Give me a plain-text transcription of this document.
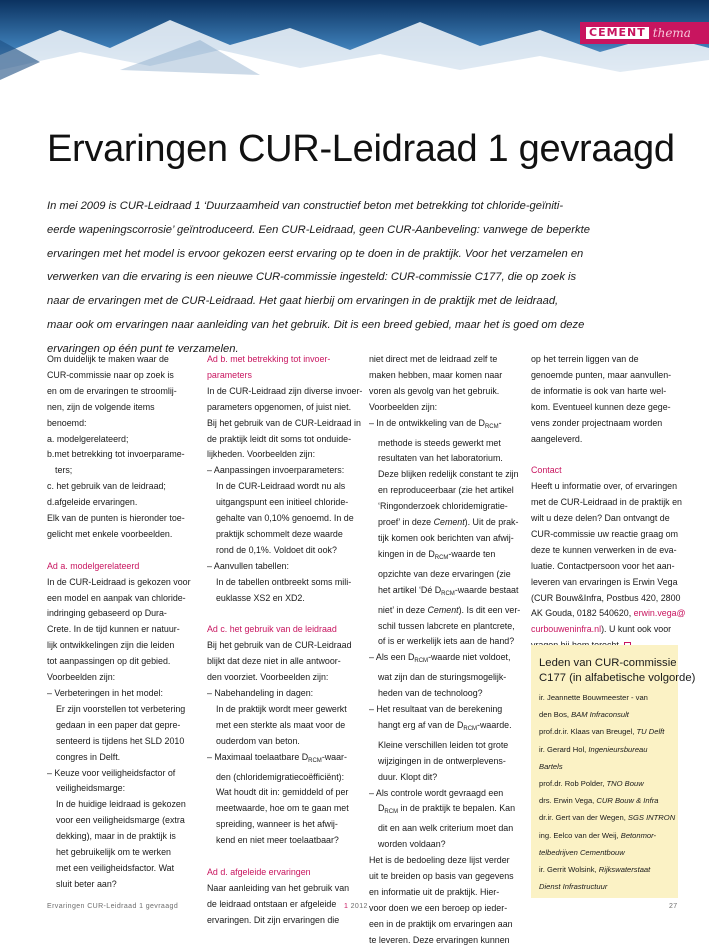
CEMENT thema
Ervaringen CUR-Leidraad 1 gevraagd
In mei 2009 is CUR-Leidraad 1 ‘Duurzaamheid van constructief beton met betrekking tot chloride-geïniti-
eerde wapeningscorrosie’ geïntroduceerd. Een CUR-Leidraad, geen CUR-Aanbeveling: vanwege de beperkte
ervaringen met het model is ervoor gekozen eerst ervaring op te doen in de praktijk. Voor het verzamelen en
verwerken van die ervaring is een nieuwe CUR-commissie ingesteld: CUR-commissie C177, die op zoek is
naar de ervaringen met de CUR-Leidraad. Het gaat hierbij om ervaringen in de praktijk met de leidraad,
maar ook om ervaringen naar aanleiding van het gebruik. Dit is een breed gebied, maar het is goed om deze
ervaringen op één punt te verzamelen.
Om duidelijk te maken waar de
CUR-commissie naar op zoek is
en om de ervaringen te stroomlij-
nen, zijn de volgende items
benoemd:
a. modelgerelateerd;
b.met betrekking tot invoerparame-
ters;
c. het gebruik van de leidraad;
d.afgeleide ervaringen.
Elk van de punten is hieronder toe-
gelicht met enkele voorbeelden.
Ad a. modelgerelateerd
In de CUR-Leidraad is gekozen voor
een model en aanpak van chloride-
indringing gebaseerd op Dura-
Crete. In de tijd kunnen er natuur-
lijk ontwikkelingen zijn die leiden
tot aanpassingen op dit gebied.
Voorbeelden zijn:
– Verbeteringen in het model:
Er zijn voorstellen tot verbetering
gedaan in een paper dat gepre-
senteerd is tijdens het SLD 2010
congres in Delft.
– Keuze voor veiligheidsfactor of
veiligheidsmarge:
In de huidige leidraad is gekozen
voor een veiligheidsmarge (extra
dekking), maar in de praktijk is
het gebruikelijk om te werken
met een veiligheidsfactor. Wat
sluit beter aan?
Ad b. met betrekking tot invoer-
parameters
In de CUR-Leidraad zijn diverse invoer-
parameters opgenomen, of juist niet.
Bij het gebruik van de CUR-Leidraad in
de praktijk leidt dit soms tot onduide-
lijkheden. Voorbeelden zijn:
– Aanpassingen invoerparameters:
In de CUR-Leidraad wordt nu als
uitgangspunt een initieel chloride-
gehalte van 0,10% genoemd. In de
praktijk schommelt deze waarde
rond de 0,1%. Voldoet dit ook?
– Aanvullen tabellen:
In de tabellen ontbreekt soms mili-
euklasse XS2 en XD2.
Ad c. het gebruik van de leidraad
Bij het gebruik van de CUR-Leidraad
blijkt dat deze niet in alle antwoor-
den voorziet. Voorbeelden zijn:
– Nabehandeling in dagen:
In de praktijk wordt meer gewerkt
met een sterkte als maat voor de
ouderdom van beton.
– Maximaal toelaatbare $D_{RCM}-waar-$
den (chloridemigratiecoëfficiënt):
Wat houdt dit in: gemiddeld of per
meetwaarde, hoe om te gaan met
spreiding, wanneer is het afwij-
kend en niet meer toelaatbaar?
Ad d. afgeleide ervaringen
Naar aanleiding van het gebruik van
de leidraad ontstaan er afgeleide
ervaringen. Dit zijn ervaringen die
niet direct met de leidraad zelf te
maken hebben, maar komen naar
voren als gevolg van het gebruik.
Voorbeelden zijn:
– In de ontwikkeling van de $D_{RCM}-$
methode is steeds gewerkt met
resultaten van het laboratorium.
Deze blijken redelijk constant te zijn
en reproduceerbaar (zie het artikel
‘Ringonderzoek chloridemigratie-
proef’ in deze Cement). Uit de prak-
tijk komen ook berichten van afwij-
kingen in de $D_{RCM}$-waarde ten
opzichte van deze ervaringen (zie
het artikel ‘Dé $D_{RCM}$-waarde bestaat
niet’ in deze Cement). Is dit een ver-
schil tussen labcrete en plantcrete,
of is er werkelijk iets aan de hand?
– Als een $D_{RCM}$-waarde niet voldoet,
wat zijn dan de sturingsmogelijk-
heden van de technoloog?
– Het resultaat van de berekening
hangt erg af van de $D_{RCM}$-waarde.
Kleine verschillen leiden tot grote
wijzigingen in de ontwerplevens-
duur. Klopt dit?
– Als controle wordt gevraagd een
$D_{RCM}$ in de praktijk te bepalen. Kan
dit en aan welk criterium moet dan
worden voldaan?
Het is de bedoeling deze lijst verder
uit te breiden op basis van gegevens
en informatie uit de praktijk. Hier-
voor doen we een beroep op ieder-
een in de praktijk om ervaringen aan
te leveren. Deze ervaringen kunnen
op het terrein liggen van de
genoemde punten, maar aanvullen-
de informatie is ook van harte wel-
kom. Eventueel kunnen deze gege-
vens zonder projectnaam worden
aangeleverd.
Contact
Heeft u informatie over, of ervaringen
met de CUR-Leidraad in de praktijk en
wilt u deze delen? Dan ontvangt de
CUR-commissie uw reactie graag om
deze te kunnen verwerken in de eva-
luatie. Contactpersoon voor het aan-
leveren van ervaringen is Erwin Vega
(CUR Bouw&Infra, Postbus 420, 2800
AK Gouda, 0182 540620, erwin.vega@
curbouweninfra.nl). U kunt ook voor
Leden van CUR-commissie
C177 (in alfabetische volgorde)
ir. Jeannette Bouwmeester - van
den Bos, BAM Infraconsult
prof.dr.ir. Klaas van Breugel, TU Delft
ir. Gerard Hol, Ingenieursbureau
Bartels
prof.dr. Rob Polder, TNO Bouw
drs. Erwin Vega, CUR Bouw & Infra
dr.ir. Gert van der Wegen, SGS INTRON
ing. Eelco van der Weij, Betonmor-
telbedrijven Cementbouw
ir. Gerrit Wolsink, Rijkswaterstaat
Dienst Infrastructuur
Ervaringen CUR-Leidraad 1 gevraagd	1 2012	27
